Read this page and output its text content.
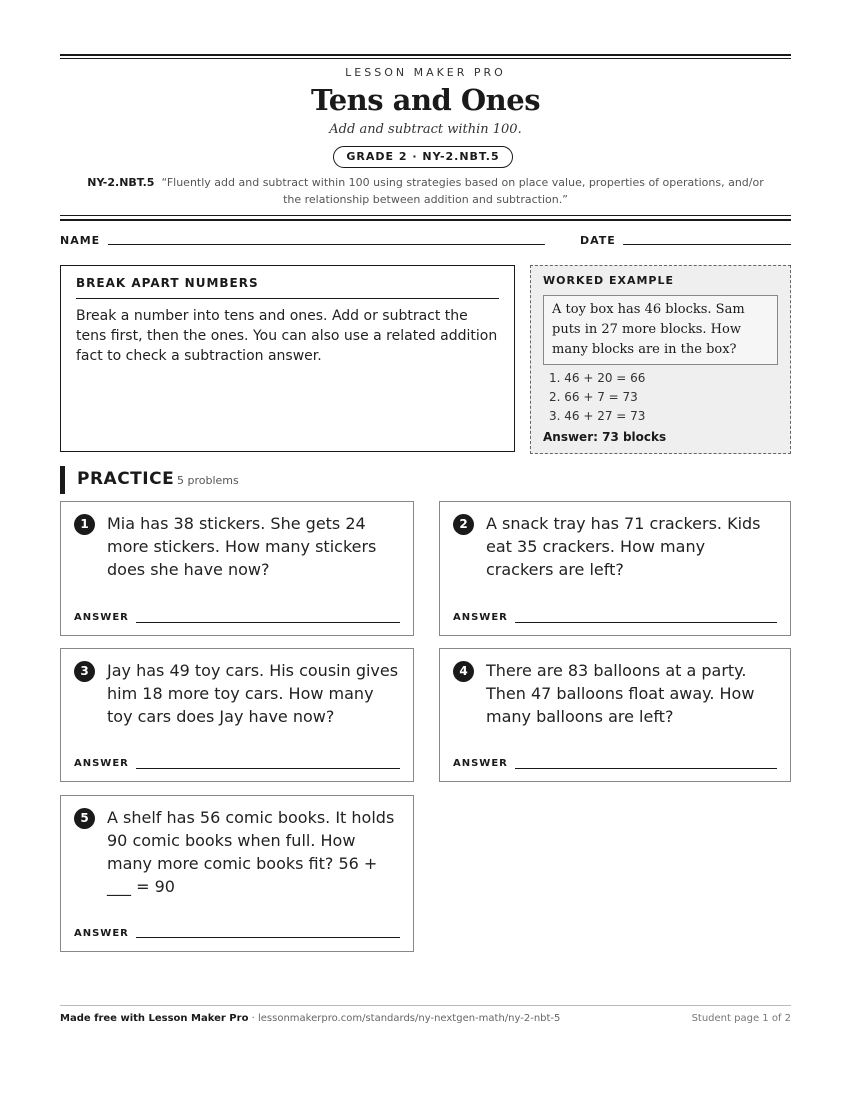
LESSON MAKER PRO
Tens and Ones
Add and subtract within 100.
GRADE 2 · NY-2.NBT.5
NY-2.NBT.5 “Fluently add and subtract within 100 using strategies based on place value, properties of operations, and/or the relationship between addition and subtraction.”
NAME	DATE
BREAK APART NUMBERS
Break a number into tens and ones. Add or subtract the tens first, then the ones. You can also use a related addition fact to check a subtraction answer.
WORKED EXAMPLE
A toy box has 46 blocks. Sam puts in 27 more blocks. How many blocks are in the box?
1. 46 + 20 = 66
2. 66 + 7 = 73
3. 46 + 27 = 73
Answer: 73 blocks
PRACTICE 5 problems
1	Mia has 38 stickers. She gets 24 more stickers. How many stickers does she have now?
ANSWER
2	A snack tray has 71 crackers. Kids eat 35 crackers. How many crackers are left?
ANSWER
3	Jay has 49 toy cars. His cousin gives him 18 more toy cars. How many toy cars does Jay have now?
ANSWER
4	There are 83 balloons at a party. Then 47 balloons float away. How many balloons are left?
ANSWER
5	A shelf has 56 comic books. It holds 90 comic books when full. How many more comic books fit? 56 + ___ = 90
ANSWER
Made free with Lesson Maker Pro · lessonmakerpro.com/standards/ny-nextgen-math/ny-2-nbt-5	Student page 1 of 2
